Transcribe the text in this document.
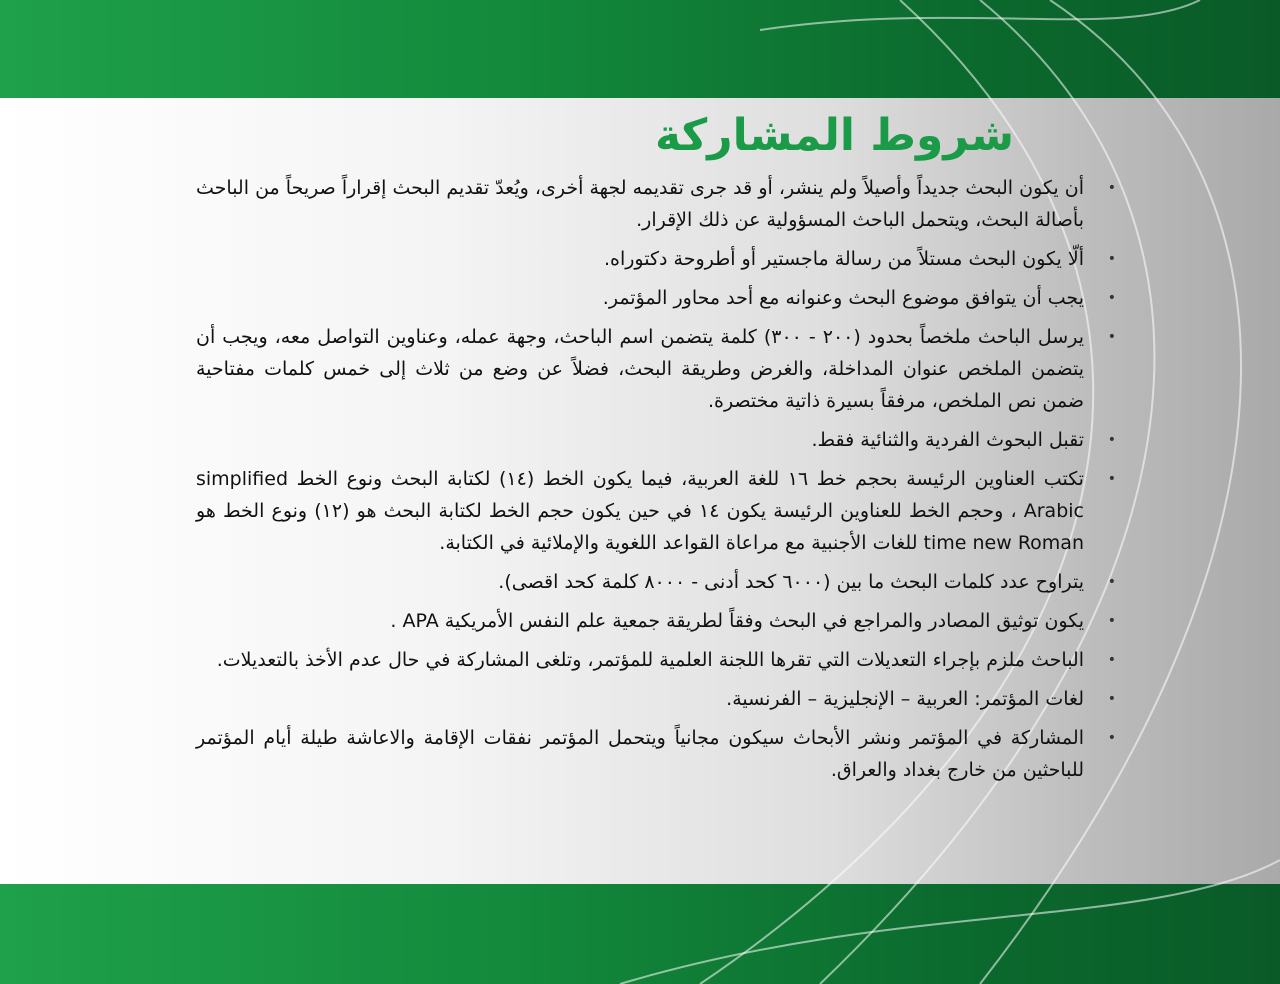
شروط المشاركة
• أن يكون البحث جديداً وأصيلاً ولم ينشر، أو قد جرى تقديمه لجهة أخرى، ويُعدّ تقديم البحث إقراراً صريحاً من الباحث بأصالة البحث، ويتحمل الباحث المسؤولية عن ذلك الإقرار.
• ألّا يكون البحث مستلاً من رسالة ماجستير أو أطروحة دكتوراه.
• يجب أن يتوافق موضوع البحث وعنوانه مع أحد محاور المؤتمر.
• يرسل الباحث ملخصاً بحدود (٢٠٠ - ٣٠٠) كلمة يتضمن اسم الباحث، وجهة عمله، وعناوين التواصل معه، ويجب أن يتضمن الملخص عنوان المداخلة، والغرض وطريقة البحث، فضلاً عن وضع من ثلاث إلى خمس كلمات مفتاحية ضمن نص الملخص، مرفقاً بسيرة ذاتية مختصرة.
• تقبل البحوث الفردية والثنائية فقط.
• تكتب العناوين الرئيسة بحجم خط ١٦ للغة العربية، فيما يكون الخط (١٤) لكتابة البحث ونوع الخط simplified Arabic ، وحجم الخط للعناوين الرئيسة يكون ١٤ في حين يكون حجم الخط لكتابة البحث هو (١٢) ونوع الخط هو time new Roman للغات الأجنبية مع مراعاة القواعد اللغوية والإملائية في الكتابة.
• يتراوح عدد كلمات البحث ما بين (٦٠٠٠ كحد أدنى - ٨٠٠٠ كلمة كحد اقصى).
• يكون توثيق المصادر والمراجع في البحث وفقاً لطريقة جمعية علم النفس الأمريكية APA .
• الباحث ملزم بإجراء التعديلات التي تقرها اللجنة العلمية للمؤتمر، وتلغى المشاركة في حال عدم الأخذ بالتعديلات.
• لغات المؤتمر: العربية – الإنجليزية – الفرنسية.
• المشاركة في المؤتمر ونشر الأبحاث سيكون مجانياً ويتحمل المؤتمر نفقات الإقامة والاعاشة طيلة أيام المؤتمر للباحثين من خارج بغداد والعراق.
